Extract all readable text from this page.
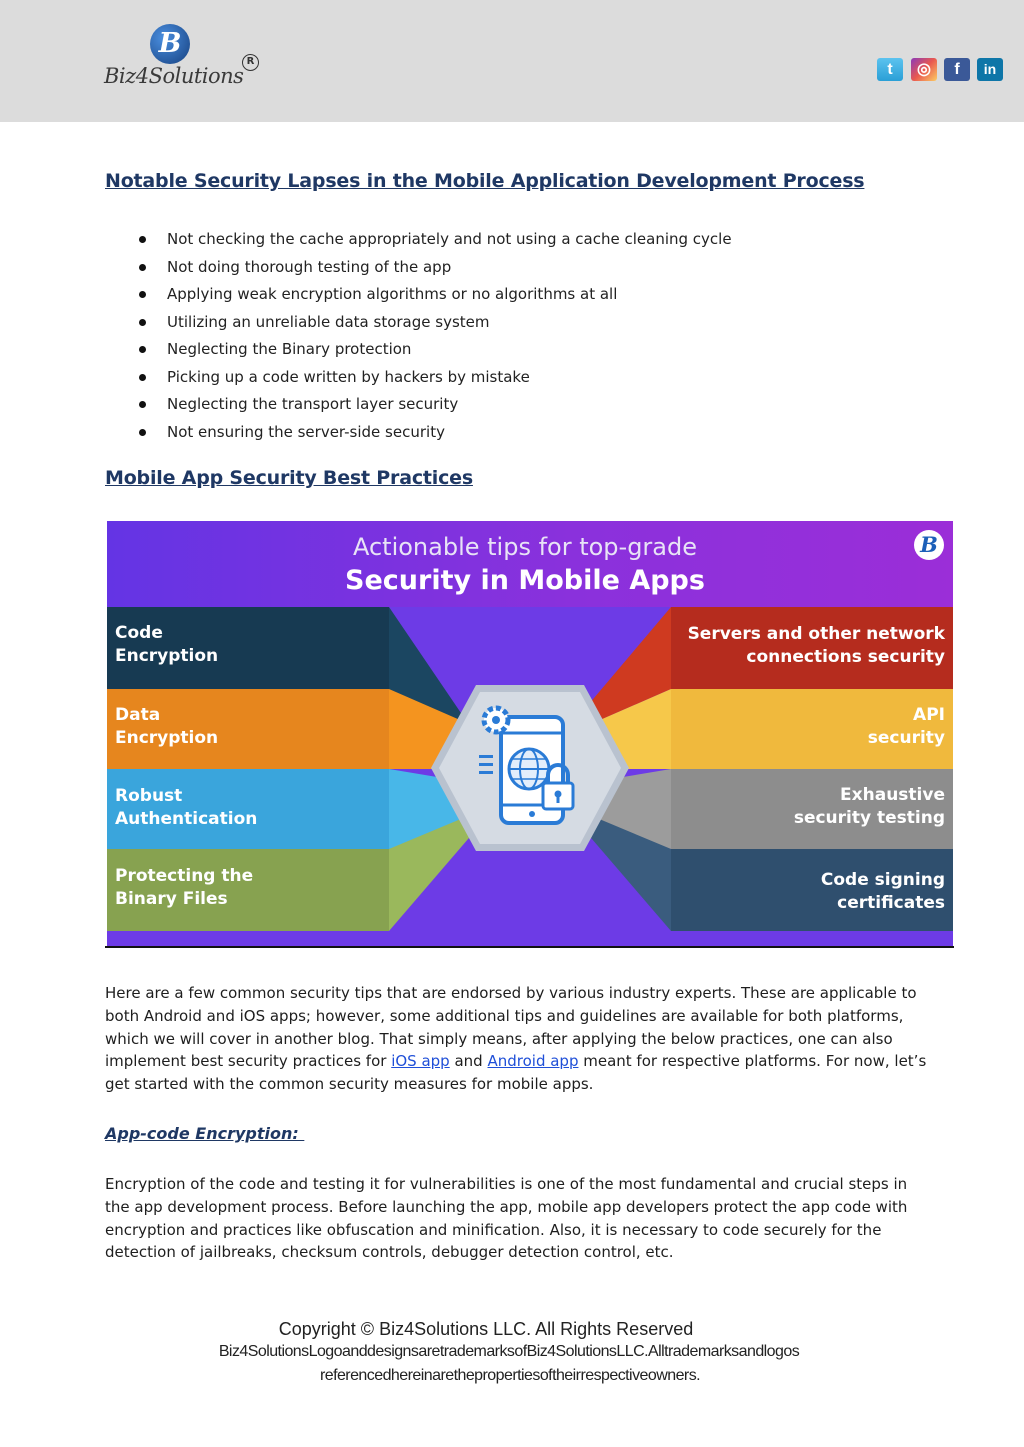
B
Biz4Solutions
R	t	◎	f	in
Notable Security Lapses in the Mobile Application Development Process
Not checking the cache appropriately and not using a cache cleaning cycle
Not doing thorough testing of the app
Applying weak encryption algorithms or no algorithms at all
Utilizing an unreliable data storage system
Neglecting the Binary protection
Picking up a code written by hackers by mistake
Neglecting the transport layer security
Not ensuring the server-side security
Mobile App Security Best Practices
Actionable tips for top-grade
Security in Mobile Apps
B
Code
Encryption
Data
Encryption
Robust
Authentication
Protecting the
Binary Files
Servers and other network
connections security
API
security
Exhaustive
security testing
Code signing
certificates
Here are a few common security tips that are endorsed by various industry experts. These are applicable to
both Android and iOS apps; however, some additional tips and guidelines are available for both platforms,
which we will cover in another blog. That simply means, after applying the below practices, one can also
implement best security practices for iOS app and Android app meant for respective platforms. For now, let’s
get started with the common security measures for mobile apps.
App-code Encryption:
Encryption of the code and testing it for vulnerabilities is one of the most fundamental and crucial steps in
the app development process. Before launching the app, mobile app developers protect the app code with
encryption and practices like obfuscation and minification. Also, it is necessary to code securely for the
detection of jailbreaks, checksum controls, debugger detection control, etc.
Copyright © Biz4Solutions LLC. All Rights Reserved
Biz4SolutionsLogoanddesignsaretrademarksofBiz4SolutionsLLC.Alltrademarksandlogos
referencedhereinarethepropertiesoftheirrespectiveowners.
